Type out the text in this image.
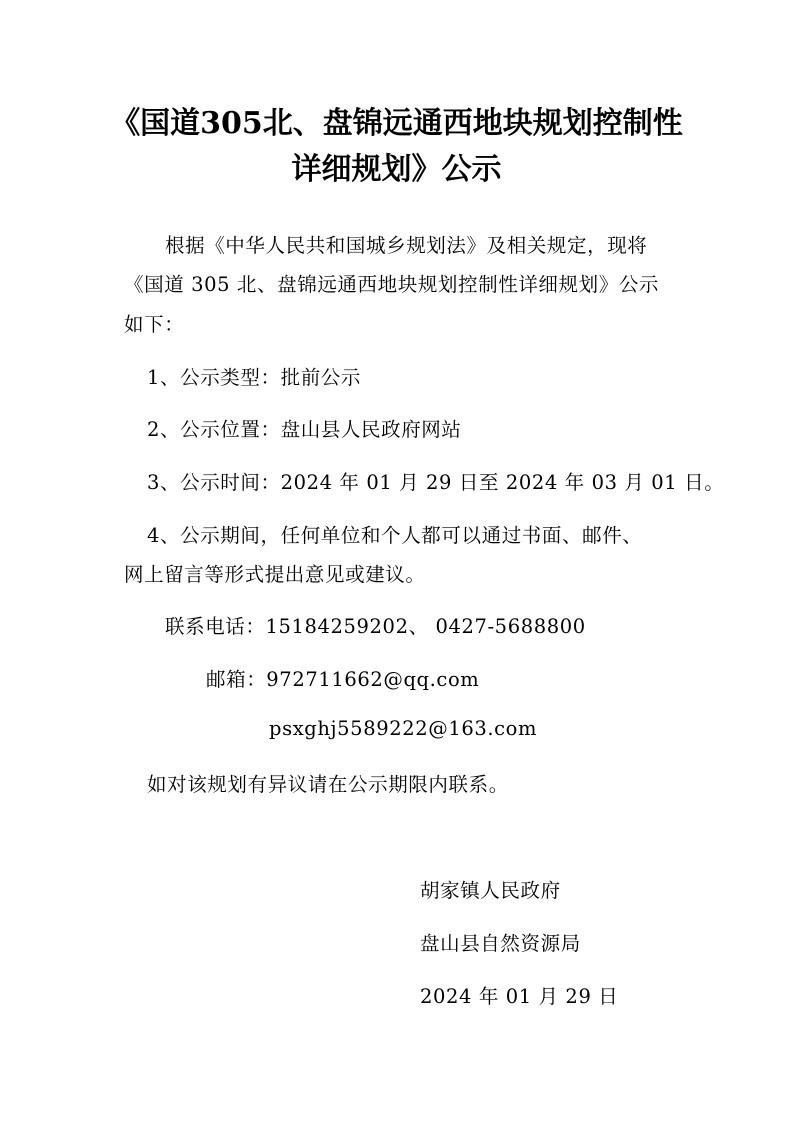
《国道305北、盘锦远通西地块规划控制性
详细规划》公示
根据《中华人民共和国城乡规划法》及相关规定，现将
《国道 305 北、盘锦远通西地块规划控制性详细规划》公示
如下：
1、公示类型：批前公示
2、公示位置：盘山县人民政府网站
3、公示时间：2024 年 01 月 29 日至 2024 年 03 月 01 日。
4、公示期间，任何单位和个人都可以通过书面、邮件、
网上留言等形式提出意见或建议。
联系电话：15184259202、 0427-5688800
邮箱：972711662@qq.com
psxghj5589222@163.com
如对该规划有异议请在公示期限内联系。
胡家镇人民政府
盘山县自然资源局
2024 年 01 月 29 日
